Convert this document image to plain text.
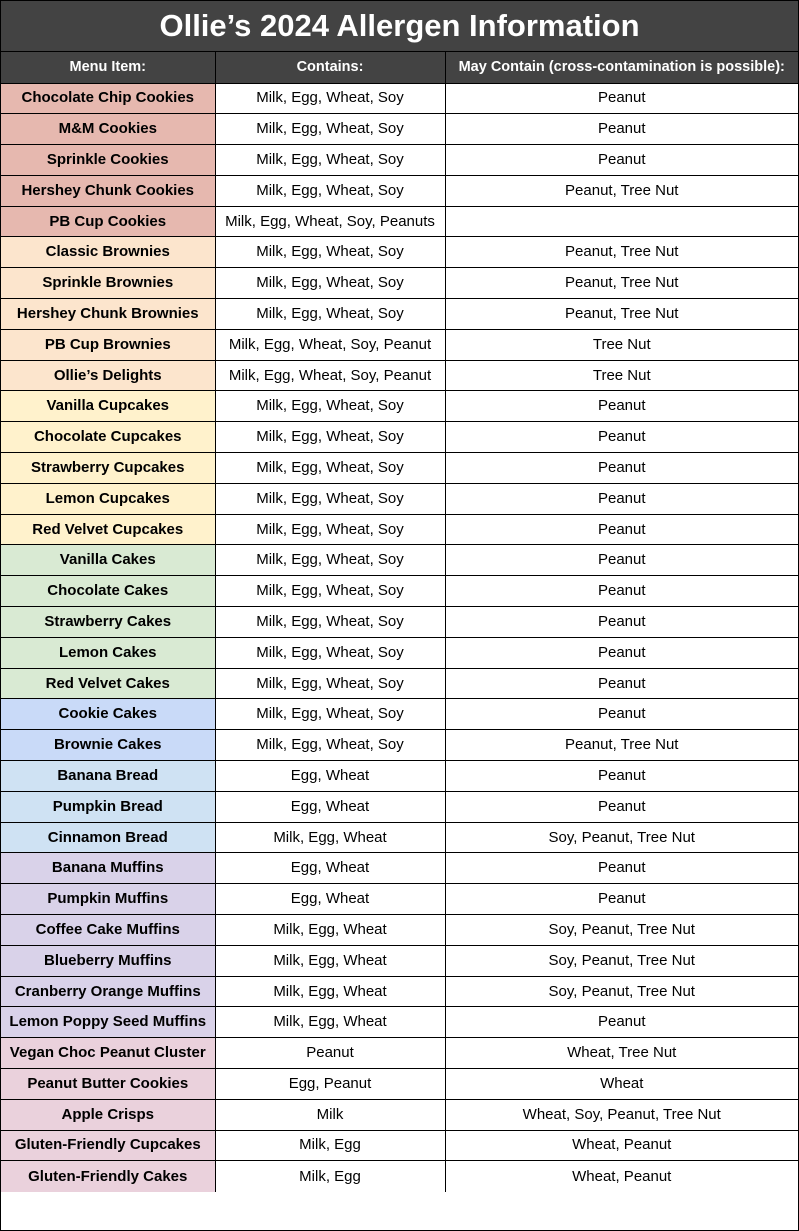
Ollie’s 2024 Allergen Information
Menu Item:	Contains:	May Contain (cross-contamination is possible):
Chocolate Chip Cookies	Milk, Egg, Wheat, Soy	Peanut
M&M Cookies	Milk, Egg, Wheat, Soy	Peanut
Sprinkle Cookies	Milk, Egg, Wheat, Soy	Peanut
Hershey Chunk Cookies	Milk, Egg, Wheat, Soy	Peanut, Tree Nut
PB Cup Cookies	Milk, Egg, Wheat, Soy, Peanuts	
Classic Brownies	Milk, Egg, Wheat, Soy	Peanut, Tree Nut
Sprinkle Brownies	Milk, Egg, Wheat, Soy	Peanut, Tree Nut
Hershey Chunk Brownies	Milk, Egg, Wheat, Soy	Peanut, Tree Nut
PB Cup Brownies	Milk, Egg, Wheat, Soy, Peanut	Tree Nut
Ollie’s Delights	Milk, Egg, Wheat, Soy, Peanut	Tree Nut
Vanilla Cupcakes	Milk, Egg, Wheat, Soy	Peanut
Chocolate Cupcakes	Milk, Egg, Wheat, Soy	Peanut
Strawberry Cupcakes	Milk, Egg, Wheat, Soy	Peanut
Lemon Cupcakes	Milk, Egg, Wheat, Soy	Peanut
Red Velvet Cupcakes	Milk, Egg, Wheat, Soy	Peanut
Vanilla Cakes	Milk, Egg, Wheat, Soy	Peanut
Chocolate Cakes	Milk, Egg, Wheat, Soy	Peanut
Strawberry Cakes	Milk, Egg, Wheat, Soy	Peanut
Lemon Cakes	Milk, Egg, Wheat, Soy	Peanut
Red Velvet Cakes	Milk, Egg, Wheat, Soy	Peanut
Cookie Cakes	Milk, Egg, Wheat, Soy	Peanut
Brownie Cakes	Milk, Egg, Wheat, Soy	Peanut, Tree Nut
Banana Bread	Egg, Wheat	Peanut
Pumpkin Bread	Egg, Wheat	Peanut
Cinnamon Bread	Milk, Egg, Wheat	Soy, Peanut, Tree Nut
Banana Muffins	Egg, Wheat	Peanut
Pumpkin Muffins	Egg, Wheat	Peanut
Coffee Cake Muffins	Milk, Egg, Wheat	Soy, Peanut, Tree Nut
Blueberry Muffins	Milk, Egg, Wheat	Soy, Peanut, Tree Nut
Cranberry Orange Muffins	Milk, Egg, Wheat	Soy, Peanut, Tree Nut
Lemon Poppy Seed Muffins	Milk, Egg, Wheat	Peanut
Vegan Choc Peanut Cluster	Peanut	Wheat, Tree Nut
Peanut Butter Cookies	Egg, Peanut	Wheat
Apple Crisps	Milk	Wheat, Soy, Peanut, Tree Nut
Gluten-Friendly Cupcakes	Milk, Egg	Wheat, Peanut
Gluten-Friendly Cakes	Milk, Egg	Wheat, Peanut
